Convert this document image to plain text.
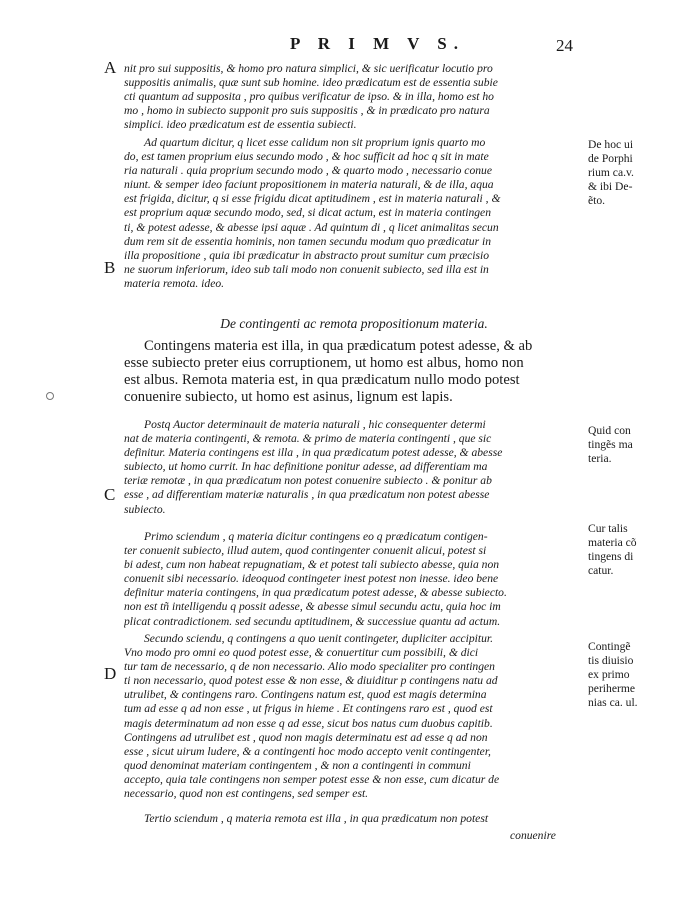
P R I M V S.	24
A
B
C
D
nit pro sui suppositis, & homo pro natura simplici, & sic uerificatur locutio pro
suppositis animalis, quæ sunt sub homine. ideo prædicatum est de essentia subie
cti quantum ad supposita , pro quibus verificatur de ipso. & in illa, homo est ho
mo , homo in subiecto supponit pro suis suppositis , & in prædicato pro natura
simplici. ideo prædicatum est de essentia subiecti.
Ad quartum dicitur, q licet esse calidum non sit proprium ignis quarto mo
do, est tamen proprium eius secundo modo , & hoc sufficit ad hoc q sit in mate
ria naturali . quia proprium secundo modo , & quarto modo , necessario conue
niunt. & semper ideo faciunt propositionem in materia naturali, & de illa, aqua
est frigida, dicitur, q si esse frigidu dicat aptitudinem , est in materia naturali , &
est proprium aquæ secundo modo, sed, si dicat actum, est in materia contingen
ti, & potest adesse, & abesse ipsi aquæ . Ad quintum di , q licet animalitas secun
dum rem sit de essentia hominis, non tamen secundu modum quo prædicatur in
illa propositione , quia ibi prædicatur in abstracto prout sumitur cum præcisio
ne suorum inferiorum, ideo sub tali modo non conuenit subiecto, sed illa est in
materia remota. ideo.
De contingenti ac remota propositionum materia.
Contingens materia est illa, in qua prædicatum potest adesse, & ab
esse subiecto preter eius corruptionem, ut homo est albus, homo non
est albus. Remota materia est, in qua prædicatum nullo modo potest
conuenire subiecto, ut homo est asinus, lignum est lapis.
Postq Auctor determinauit de materia naturali , hic consequenter determi
nat de materia contingenti, & remota. & primo de materia contingenti , que sic
definitur. Materia contingens est illa , in qua prædicatum potest adesse, & abesse
subiecto, ut homo currit. In hac definitione ponitur adesse, ad differentiam ma
teriæ remotæ , in qua prædicatum non potest conuenire subiecto . & ponitur ab
esse , ad differentiam materiæ naturalis , in qua prædicatum non potest abesse
subiecto.
Primo sciendum , q materia dicitur contingens eo q prædicatum contigen-
ter conuenit subiecto, illud autem, quod contingenter conuenit alicui, potest si
bi adest, cum non habeat repugnatiam, & et potest tali subiecto abesse, quia non
conuenit sibi necessario. ideoquod contingeter inest potest non inesse. ideo bene
definitur materia contingens, in qua prædicatum potest adesse, & abesse subiecto.
non est tñ intelligendu q possit adesse, & abesse simul secundu actu, quia hoc im
plicat contradictionem. sed secundu aptitudinem, & successiue quantu ad actum.
Secundo sciendu, q contingens a quo uenit contingeter, dupliciter accipitur.
Vno modo pro omni eo quod potest esse, & conuertitur cum possibili, & dici
tur tam de necessario, q de non necessario. Alio modo specialiter pro contingen
ti non necessario, quod potest esse & non esse, & diuiditur p contingens natu ad
utrulibet, & contingens raro. Contingens natum est, quod est magis determina
tum ad esse q ad non esse , ut frigus in hieme . Et contingens raro est , quod est
magis determinatum ad non esse q ad esse, sicut bos natus cum duobus capitib.
Contingens ad utrulibet est , quod non magis determinatu est ad esse q ad non
esse , sicut uirum ludere, & a contingenti hoc modo accepto venit contingenter,
quod denominat materiam contingentem , & non a contingenti in communi
accepto, quia tale contingens non semper potest esse & non esse, cum dicatur de
necessario, quod non est contingens, sed semper est.
Tertio sciendum , q materia remota est illa , in qua prædicatum non potest
conuenire
De hoc ui
de Porphi
rium ca.v.
& ibi De-
ẽto.
Quid con
tingẽs ma
teria.
Cur talis
materia cõ
tingens di
catur.
Contingẽ
tis diuisio
ex primo
periherme
nias ca. ul.
